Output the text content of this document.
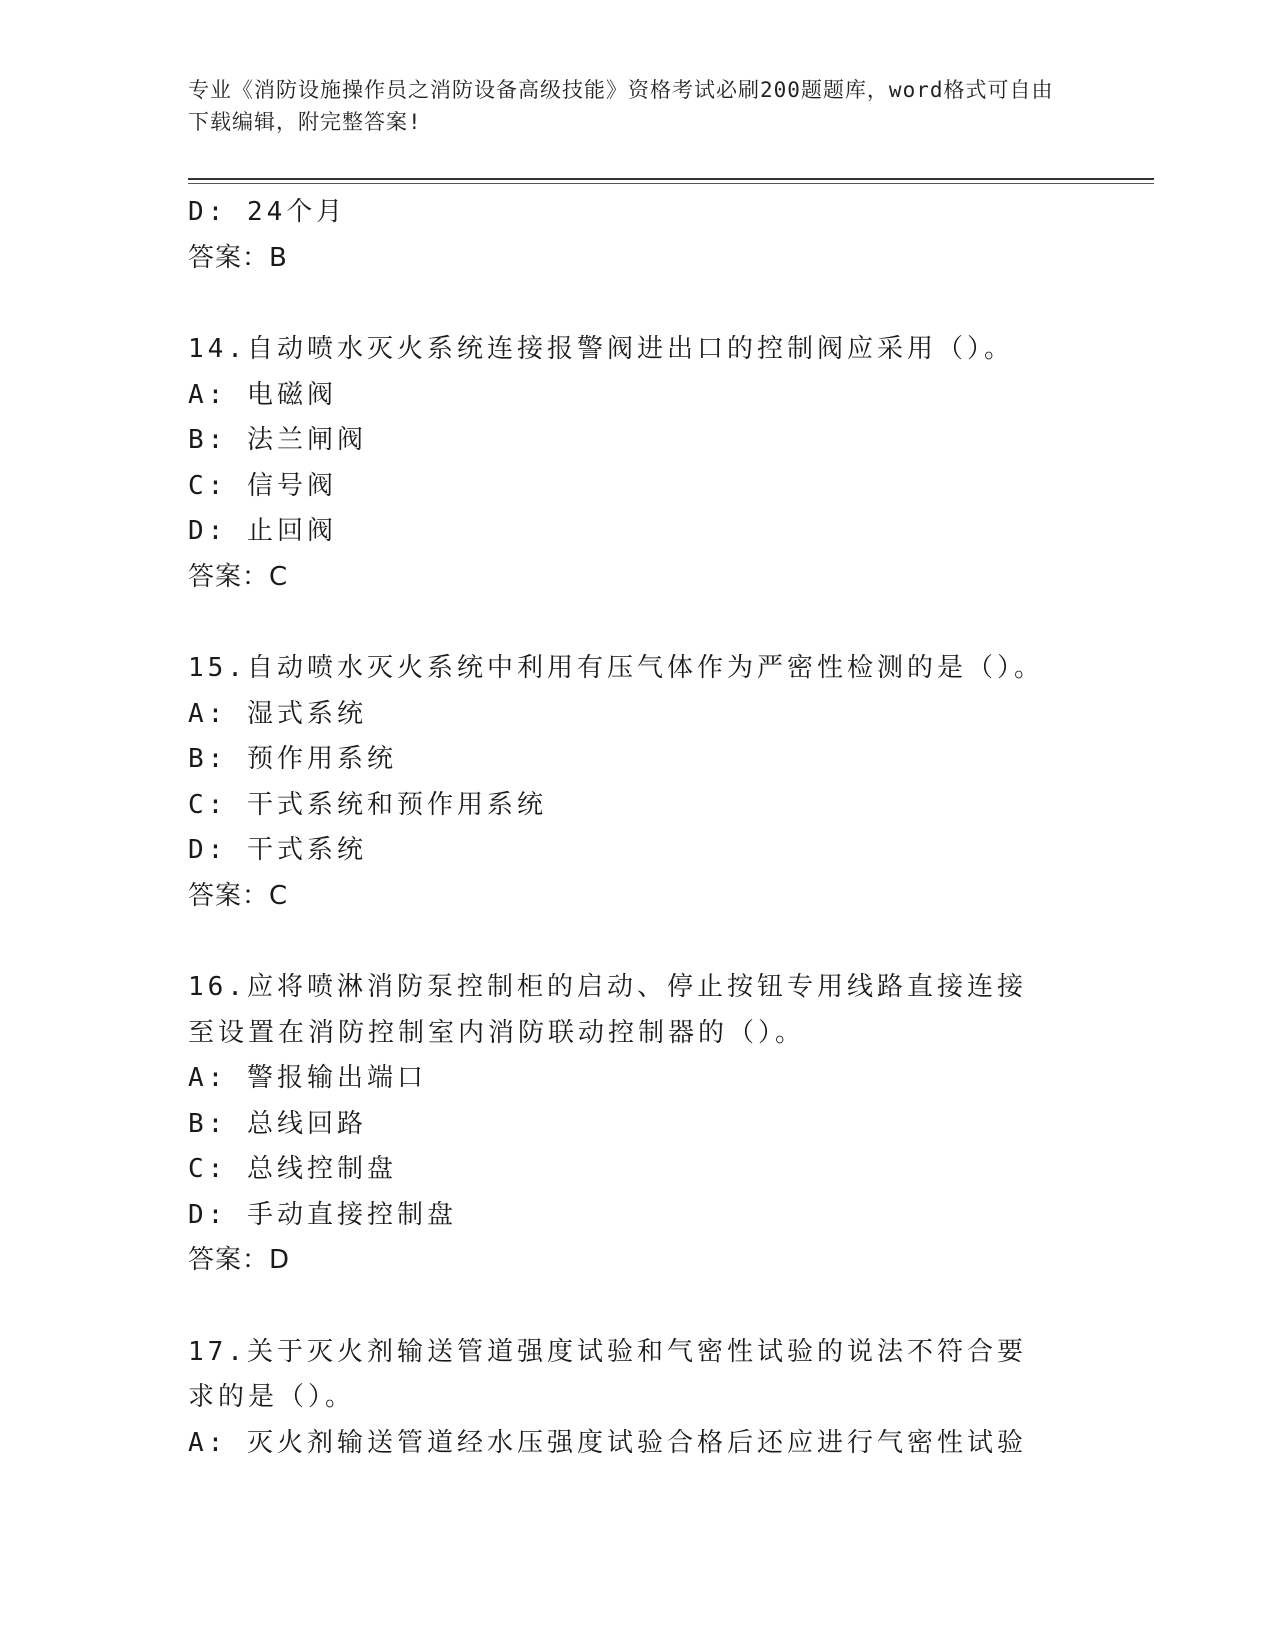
专业《消防设施操作员之消防设备高级技能》资格考试必刷200题题库，word格式可自由下载编辑，附完整答案!
D: 24个月
答案：B
14.自动喷水灭火系统连接报警阀进出口的控制阀应采用（）。
A: 电磁阀
B: 法兰闸阀
C: 信号阀
D: 止回阀
答案：C
15.自动喷水灭火系统中利用有压气体作为严密性检测的是（）。
A: 湿式系统
B: 预作用系统
C: 干式系统和预作用系统
D: 干式系统
答案：C
16.应将喷淋消防泵控制柜的启动、停止按钮专用线路直接连接至设置在消防控制室内消防联动控制器的（）。
A: 警报输出端口
B: 总线回路
C: 总线控制盘
D: 手动直接控制盘
答案：D
17.关于灭火剂输送管道强度试验和气密性试验的说法不符合要求的是（）。
A: 灭火剂输送管道经水压强度试验合格后还应进行气密性试验
